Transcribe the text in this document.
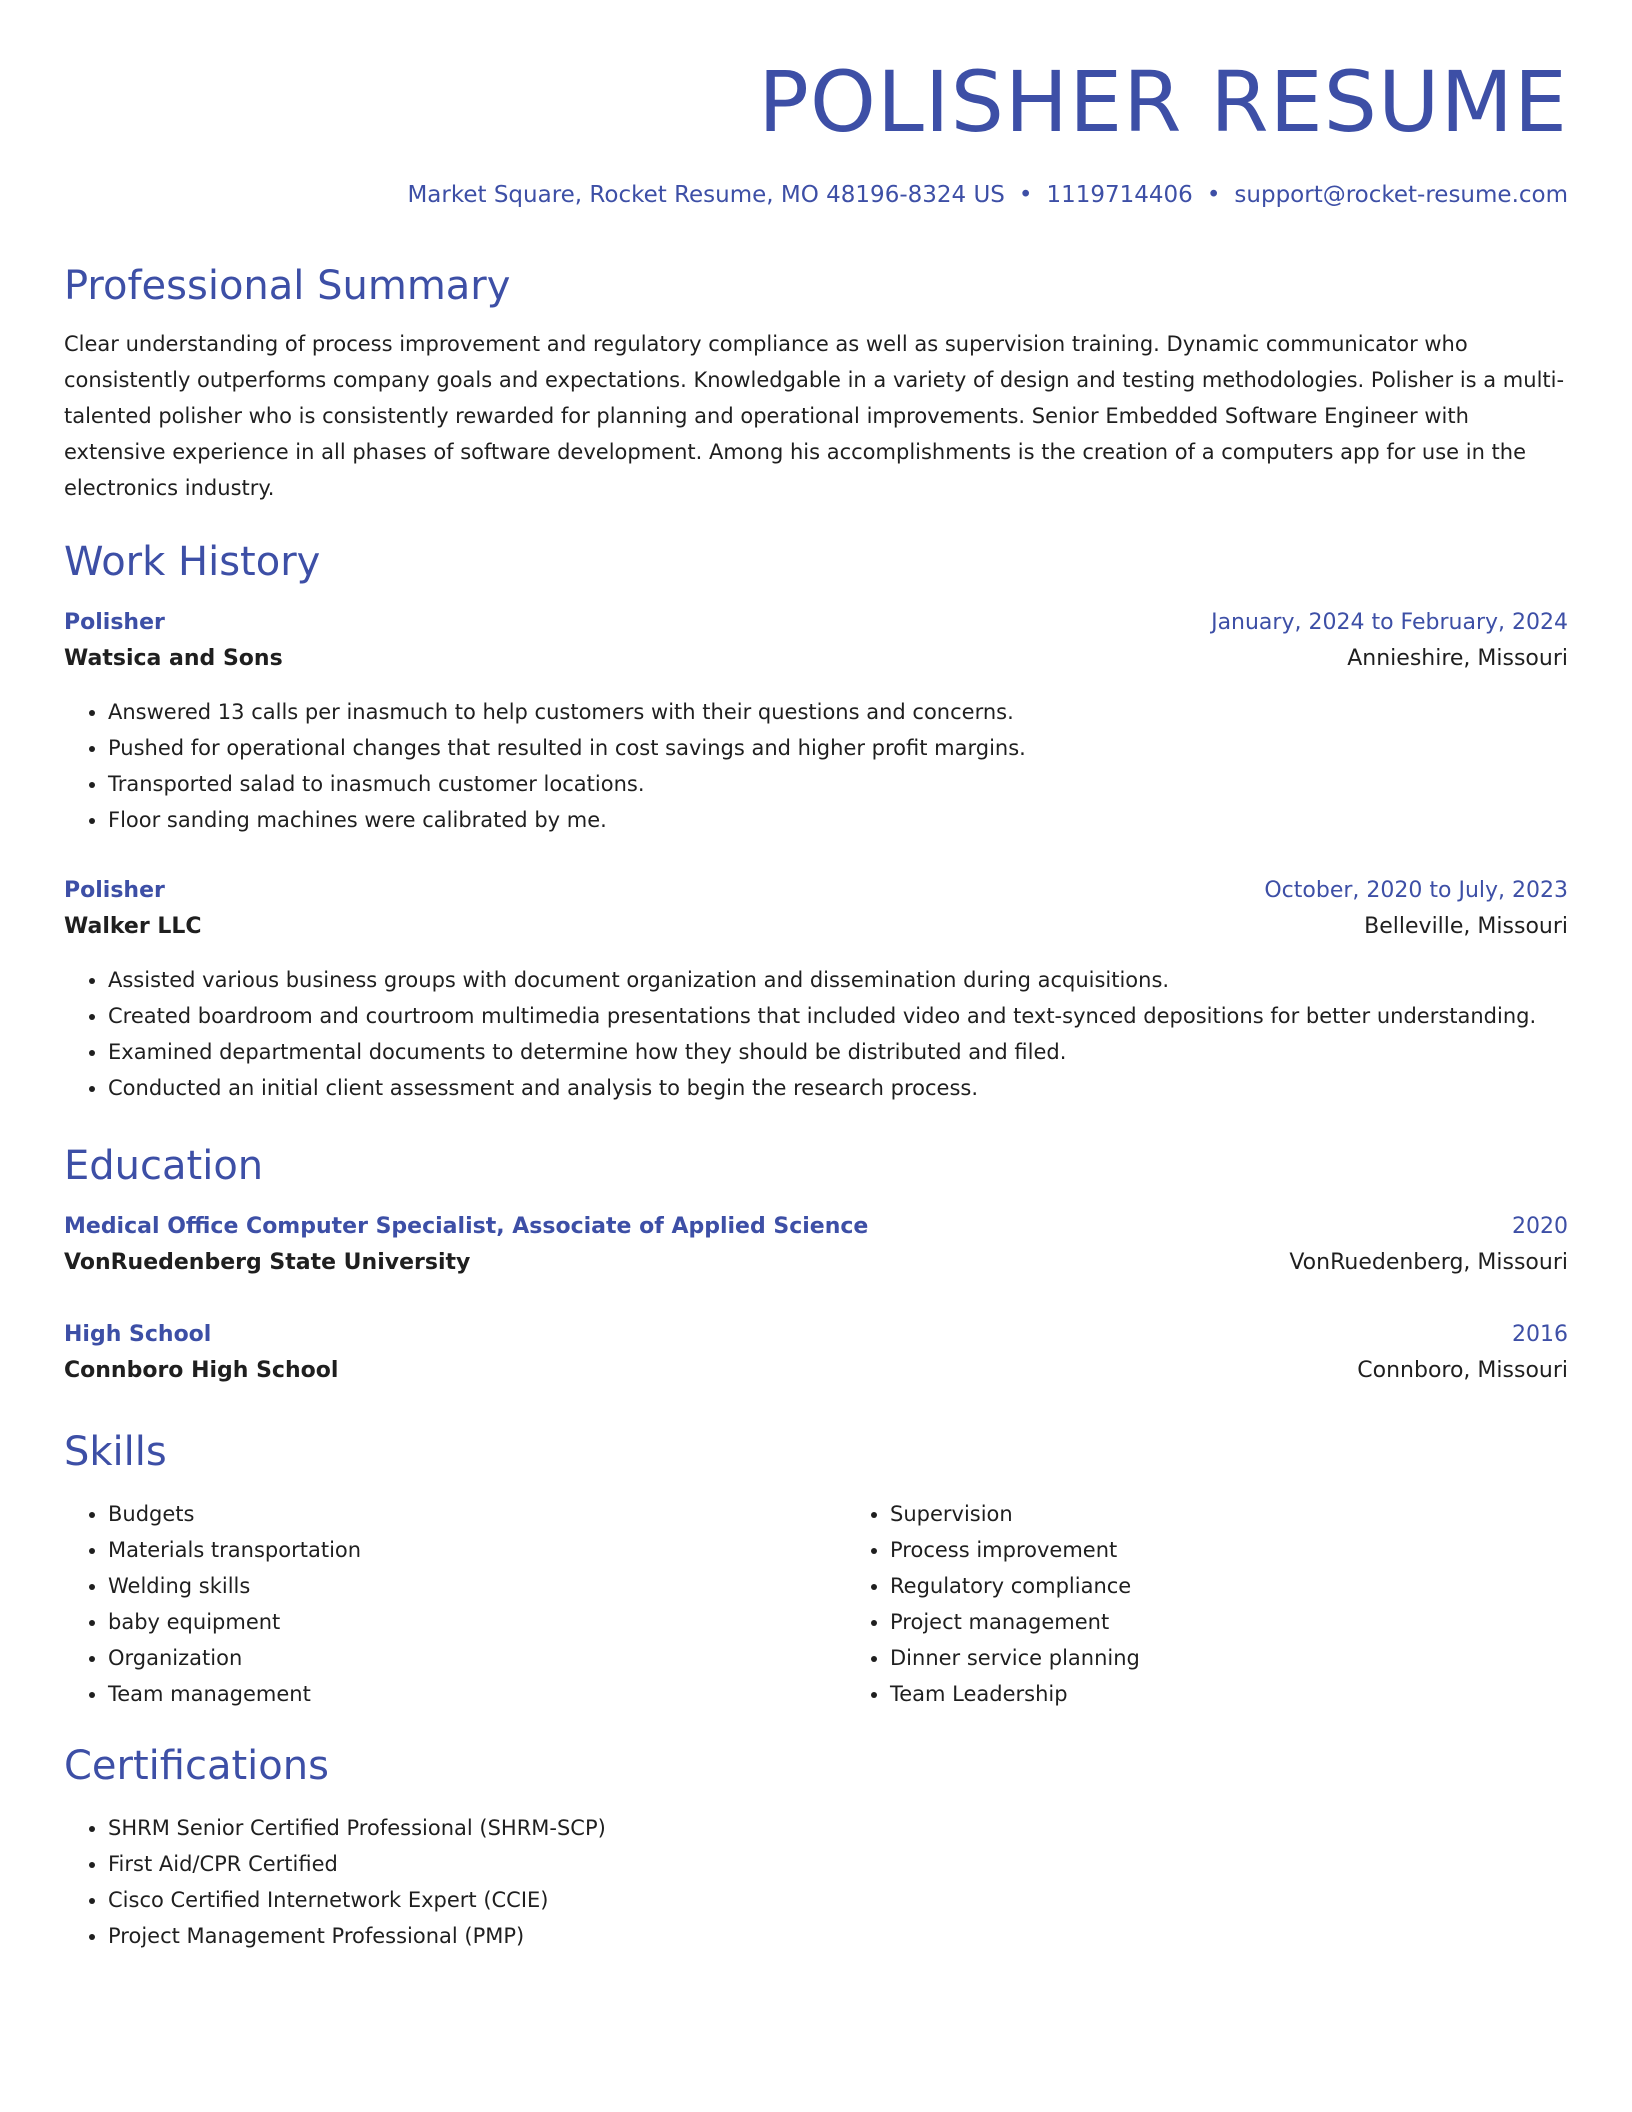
POLISHER RESUME
Market Square, Rocket Resume, MO 48196-8324 US • 1119714406 • support@rocket-resume.com
Professional Summary

Clear understanding of process improvement and regulatory compliance as well as supervision training. Dynamic communicator who consistently outperforms company goals and expectations. Knowledgable in a variety of design and testing methodologies. Polisher is a multi-talented polisher who is consistently rewarded for planning and operational improvements. Senior Embedded Software Engineer with extensive experience in all phases of software development. Among his accomplishments is the creation of a computers app for use in the electronics industry.

Work History
Polisher	January, 2024 to February, 2024
Watsica and Sons	Annieshire, Missouri
• Answered 13 calls per inasmuch to help customers with their questions and concerns.
• Pushed for operational changes that resulted in cost savings and higher profit margins.
• Transported salad to inasmuch customer locations.
• Floor sanding machines were calibrated by me.
Polisher	October, 2020 to July, 2023
Walker LLC	Belleville, Missouri
• Assisted various business groups with document organization and dissemination during acquisitions.
• Created boardroom and courtroom multimedia presentations that included video and text-synced depositions for better understanding.
• Examined departmental documents to determine how they should be distributed and filed.
• Conducted an initial client assessment and analysis to begin the research process.
Education
Medical Office Computer Specialist, Associate of Applied Science	2020
VonRuedenberg State University	VonRuedenberg, Missouri
High School	2016
Connboro High School	Connboro, Missouri
Skills
• Budgets
• Materials transportation
• Welding skills
• baby equipment
• Organization
• Team management
• Supervision
• Process improvement
• Regulatory compliance
• Project management
• Dinner service planning
• Team Leadership
Certifications
• SHRM Senior Certified Professional (SHRM-SCP)
• First Aid/CPR Certified
• Cisco Certified Internetwork Expert (CCIE)
• Project Management Professional (PMP)
